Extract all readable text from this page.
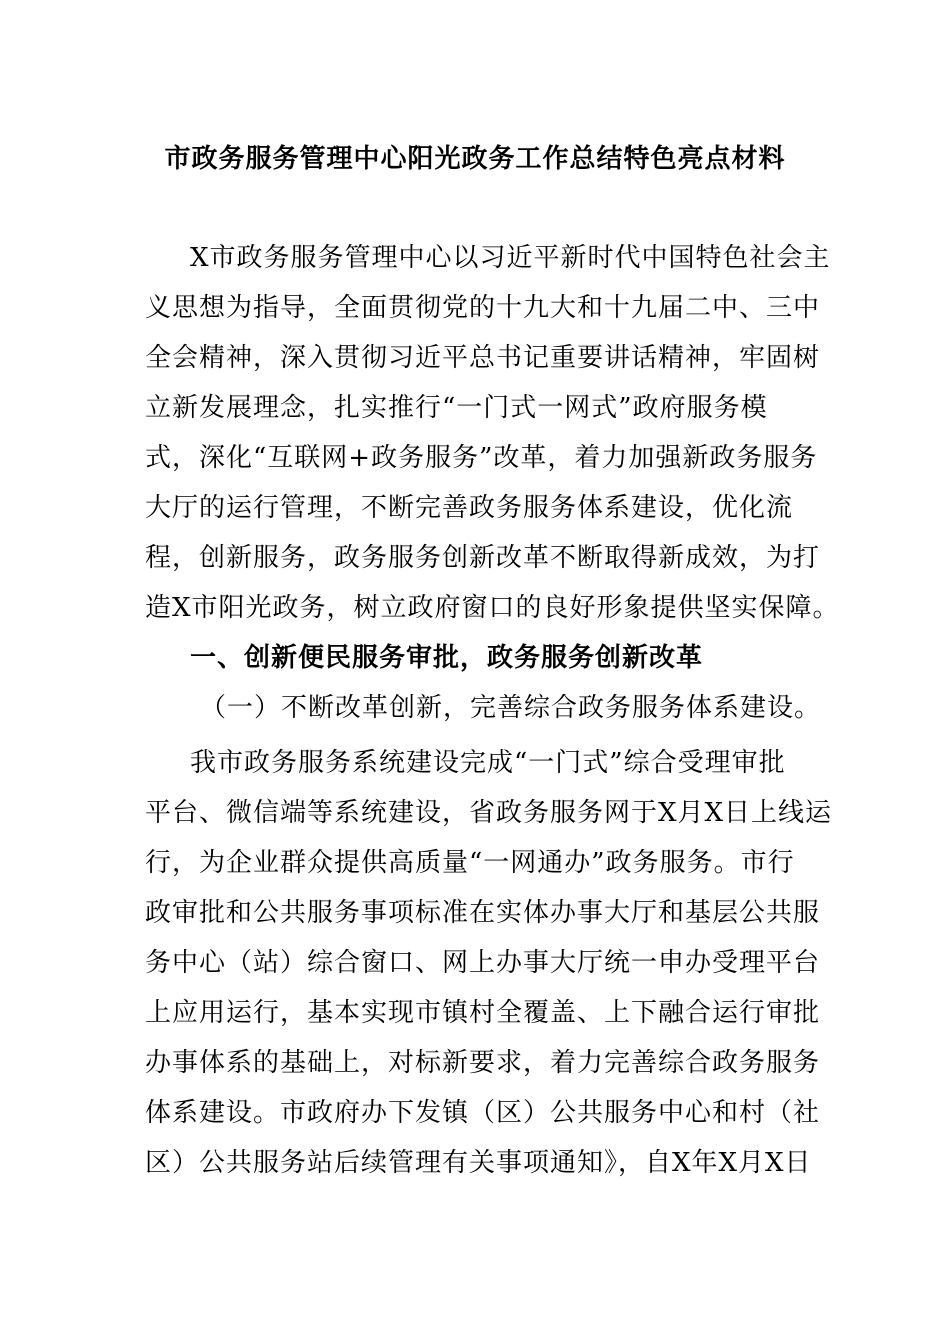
市政务服务管理中心阳光政务工作总结特色亮点材料
X市政务服务管理中心以习近平新时代中国特色社会主
义思想为指导，全面贯彻党的十九大和十九届二中、三中
全会精神，深入贯彻习近平总书记重要讲话精神，牢固树
立新发展理念，扎实推行“一门式一网式”政府服务模
式，深化“互联网+政务服务”改革，着力加强新政务服务
大厅的运行管理，不断完善政务服务体系建设，优化流
程，创新服务，政务服务创新改革不断取得新成效，为打
造X市阳光政务，树立政府窗口的良好形象提供坚实保障。
一、创新便民服务审批，政务服务创新改革
（一）不断改革创新，完善综合政务服务体系建设。
我市政务服务系统建设完成“一门式”综合受理审批
平台、微信端等系统建设，省政务服务网于X月X日上线运
行，为企业群众提供高质量“一网通办”政务服务。市行
政审批和公共服务事项标准在实体办事大厅和基层公共服
务中心（站）综合窗口、网上办事大厅统一申办受理平台
上应用运行，基本实现市镇村全覆盖、上下融合运行审批
办事体系的基础上，对标新要求，着力完善综合政务服务
体系建设。市政府办下发镇（区）公共服务中心和村（社
区）公共服务站后续管理有关事项通知》，自X年X月X日
